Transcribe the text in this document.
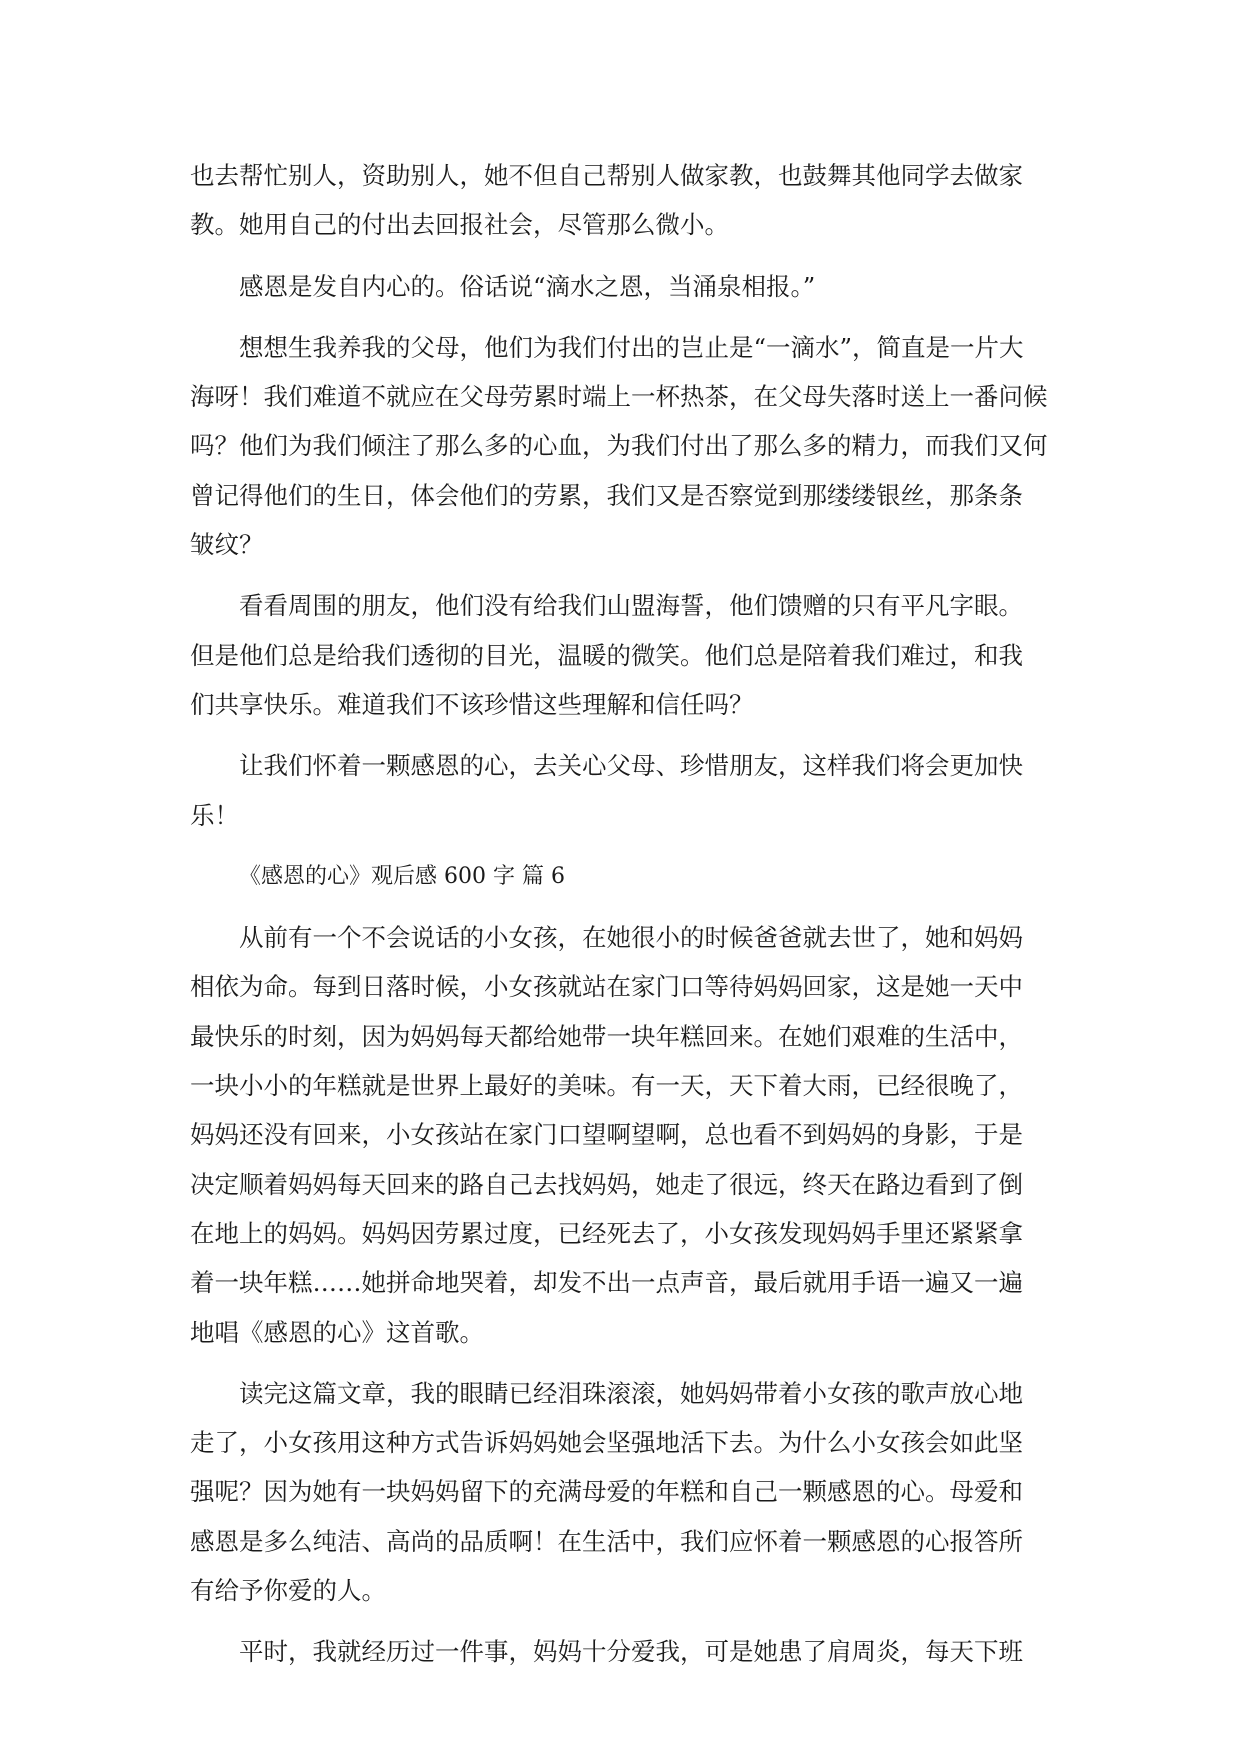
也去帮忙别人，资助别人，她不但自己帮别人做家教，也鼓舞其他同学去做家
教。她用自己的付出去回报社会，尽管那么微小。
感恩是发自内心的。俗话说“滴水之恩，当涌泉相报。”
想想生我养我的父母，他们为我们付出的岂止是“一滴水”，简直是一片大
海呀！我们难道不就应在父母劳累时端上一杯热茶，在父母失落时送上一番问候
吗？他们为我们倾注了那么多的心血，为我们付出了那么多的精力，而我们又何
曾记得他们的生日，体会他们的劳累，我们又是否察觉到那缕缕银丝，那条条
皱纹？
看看周围的朋友，他们没有给我们山盟海誓，他们馈赠的只有平凡字眼。
但是他们总是给我们透彻的目光，温暖的微笑。他们总是陪着我们难过，和我
们共享快乐。难道我们不该珍惜这些理解和信任吗？
让我们怀着一颗感恩的心，去关心父母、珍惜朋友，这样我们将会更加快
乐！
《感恩的心》观后感 600 字 篇 6
从前有一个不会说话的小女孩，在她很小的时候爸爸就去世了，她和妈妈
相依为命。每到日落时候，小女孩就站在家门口等待妈妈回家，这是她一天中
最快乐的时刻，因为妈妈每天都给她带一块年糕回来。在她们艰难的生活中，
一块小小的年糕就是世界上最好的美味。有一天，天下着大雨，已经很晚了，
妈妈还没有回来，小女孩站在家门口望啊望啊，总也看不到妈妈的身影，于是
决定顺着妈妈每天回来的路自己去找妈妈，她走了很远，终天在路边看到了倒
在地上的妈妈。妈妈因劳累过度，已经死去了，小女孩发现妈妈手里还紧紧拿
着一块年糕……她拼命地哭着，却发不出一点声音，最后就用手语一遍又一遍
地唱《感恩的心》这首歌。
读完这篇文章，我的眼睛已经泪珠滚滚，她妈妈带着小女孩的歌声放心地
走了，小女孩用这种方式告诉妈妈她会坚强地活下去。为什么小女孩会如此坚
强呢？因为她有一块妈妈留下的充满母爱的年糕和自己一颗感恩的心。母爱和
感恩是多么纯洁、高尚的品质啊！在生活中，我们应怀着一颗感恩的心报答所
有给予你爱的人。
平时，我就经历过一件事，妈妈十分爱我，可是她患了肩周炎，每天下班
